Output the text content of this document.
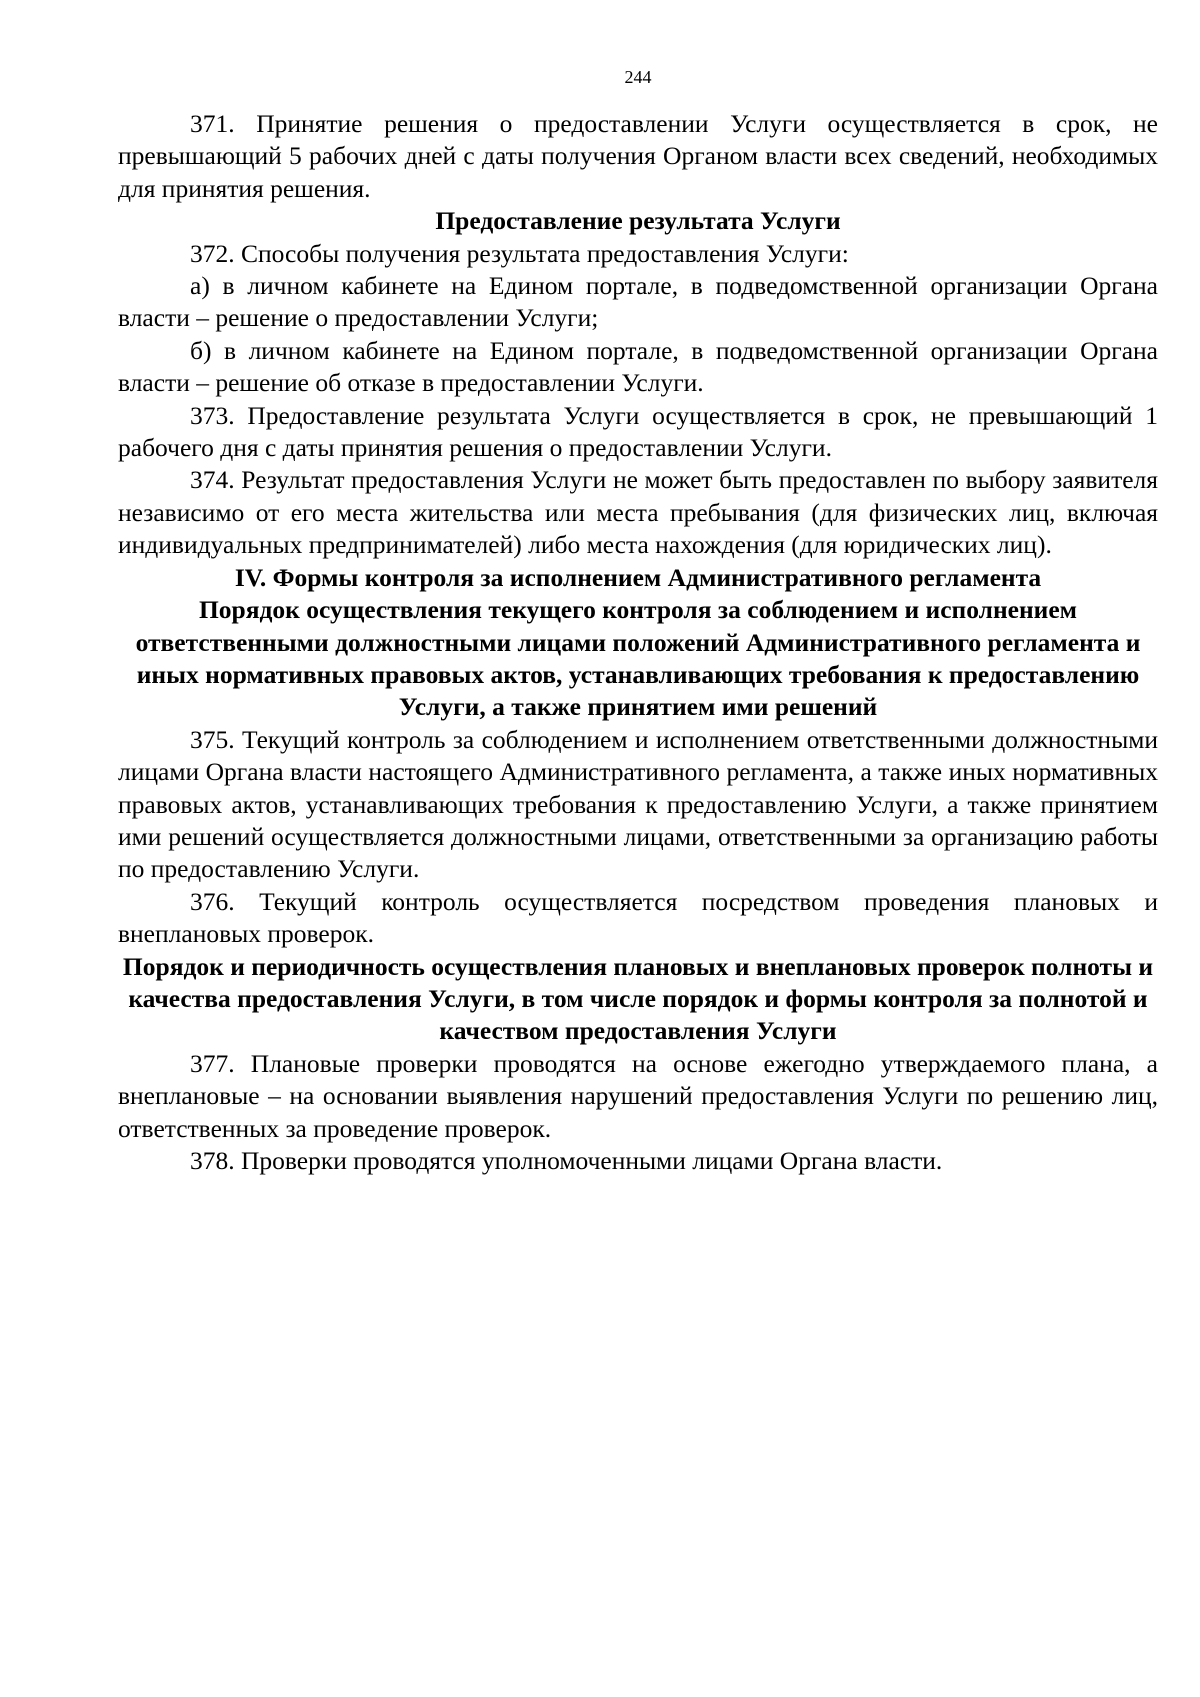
244

371. Принятие решения о предоставлении Услуги осуществляется в срок, не превышающий 5 рабочих дней с даты получения Органом власти всех сведений, необходимых для принятия решения.

Предоставление результата Услуги

372. Способы получения результата предоставления Услуги:

а) в личном кабинете на Едином портале, в подведомственной организации Органа власти – решение о предоставлении Услуги;

б) в личном кабинете на Едином портале, в подведомственной организации Органа власти – решение об отказе в предоставлении Услуги.

373. Предоставление результата Услуги осуществляется в срок, не превышающий 1 рабочего дня с даты принятия решения о предоставлении Услуги.

374. Результат предоставления Услуги не может быть предоставлен по выбору заявителя независимо от его места жительства или места пребывания (для физических лиц, включая индивидуальных предпринимателей) либо места нахождения (для юридических лиц).

IV. Формы контроля за исполнением Административного регламента
Порядок осуществления текущего контроля за соблюдением и исполнением ответственными должностными лицами положений Административного регламента и иных нормативных правовых актов, устанавливающих требования к предоставлению Услуги, а также принятием ими решений

375. Текущий контроль за соблюдением и исполнением ответственными должностными лицами Органа власти настоящего Административного регламента, а также иных нормативных правовых актов, устанавливающих требования к предоставлению Услуги, а также принятием ими решений осуществляется должностными лицами, ответственными за организацию работы по предоставлению Услуги.

376. Текущий контроль осуществляется посредством проведения плановых и внеплановых проверок.

Порядок и периодичность осуществления плановых и внеплановых проверок полноты и качества предоставления Услуги, в том числе порядок и формы контроля за полнотой и качеством предоставления Услуги

377. Плановые проверки проводятся на основе ежегодно утверждаемого плана, а внеплановые – на основании выявления нарушений предоставления Услуги по решению лиц, ответственных за проведение проверок.

378. Проверки проводятся уполномоченными лицами Органа власти.
